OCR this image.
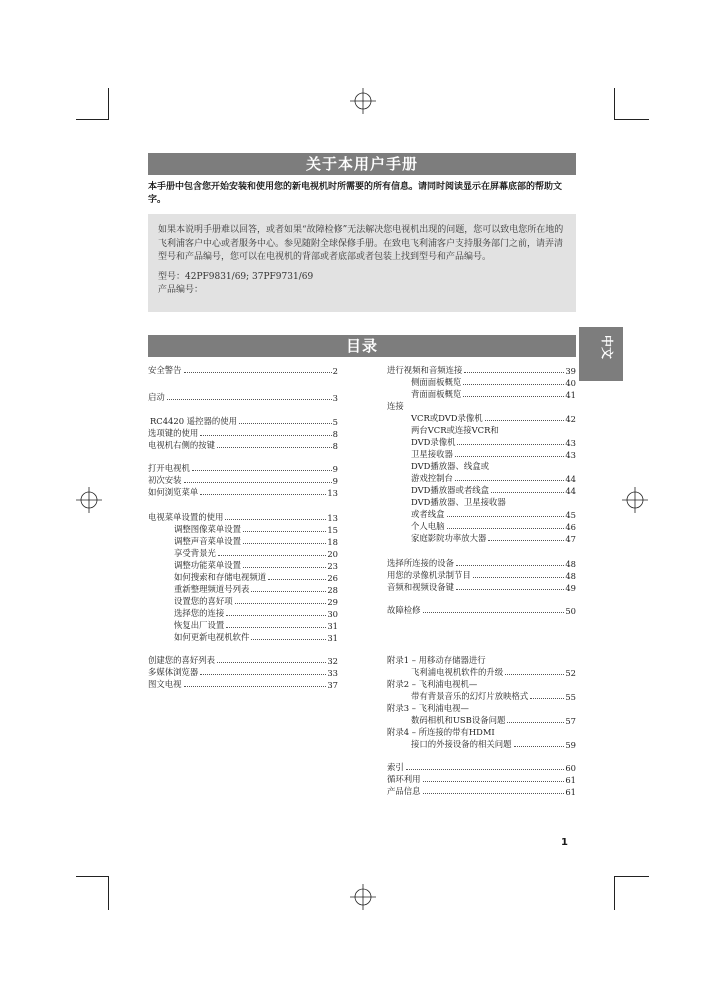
关于本用户手册
本手册中包含您开始安装和使用您的新电视机时所需要的所有信息。请同时阅读显示在屏幕底部的帮助文字。

如果本说明手册难以回答，或者如果“故障检修”无法解决您电视机出现的问题，您可以致电您所在地的飞利浦客户中心或者服务中心。参见随附全球保修手册。在致电飞利浦客户支持服务部门之前，请弄清型号和产品编号，您可以在电视机的背部或者底部或者包装上找到型号和产品编号。

型号：42PF9831/69; 37PF9731/69

产品编号：

中文
目录
安全警告	2
启动	3
RC4420 遥控器的使用	5
选项键的使用	8
电视机右侧的按键	8
打开电视机	9
初次安装	9
如何浏览菜单	13
电视菜单设置的使用	13
调整图像菜单设置	15
调整声音菜单设置	18
享受背景光	20
调整功能菜单设置	23
如何搜索和存储电视频道	26
重新整理频道号列表	28
设置您的喜好项	29
选择您的连接	30
恢复出厂设置	31
如何更新电视机软件	31
创建您的喜好列表	32
多媒体浏览器	33
图文电视	37
进行视频和音频连接	39
侧面面板概览	40
背面面板概览	41
连接
VCR或DVD录像机	42
两台VCR或连接VCR和
DVD录像机	43
卫星接收器	43
DVD播放器、线盒或
游戏控制台	44
DVD播放器或者线盒	44
DVD播放器、卫星接收器
或者线盒	45
个人电脑	46
家庭影院功率放大器	47
选择所连接的设备	48
用您的录像机录制节目	48
音频和视频设备键	49
故障检修	50
附录1 – 用移动存储器进行
飞利浦电视机软件的升级	52
附录2 – 飞利浦电视机—
带有背景音乐的幻灯片放映格式	55
附录3 – 飞利浦电视—
数码相机和USB设备问题	57
附录4 – 所连接的带有HDMI
接口的外接设备的相关问题	59
索引	60
循环利用	61
产品信息	61
1
